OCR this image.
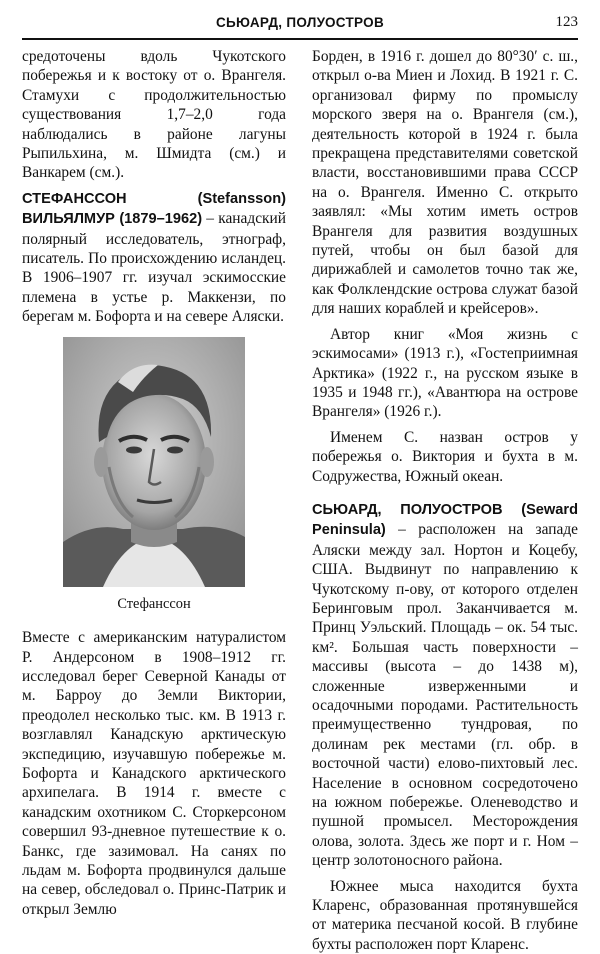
СЬЮАРД, ПОЛУОСТРОВ	123

средоточены вдоль Чукотского побережья и к востоку от о. Врангеля. Стамухи с продолжительностью существования 1,7–2,0 года наблюдались в районе лагуны Рыпильхина, м. Шмидта (см.) и Ванкарем (см.).

СТЕФАНССОН (Stefansson) ВИЛЬЯЛМУР (1879–1962) – канадский полярный исследователь, этнограф, писатель. По происхождению исландец. В 1906–1907 гг. изучал эскимосские племена в устье р. Маккензи, по берегам м. Бофорта и на севере Аляски.

Стефанссон

Вместе с американским натуралистом Р. Андерсоном в 1908–1912 гг. исследовал берег Северной Канады от м. Барроу до Земли Виктории, преодолел несколько тыс. км. В 1913 г. возглавлял Канадскую арктическую экспедицию, изучавшую побережье м. Бофорта и Канадского арктического архипелага. В 1914 г. вместе с канадским охотником С. Сторкерсоном совершил 93-дневное путешествие к о. Банкс, где зазимовал. На санях по льдам м. Бофорта продвинулся дальше на север, обследовал о. Принс-Патрик и открыл Землю

Борден, в 1916 г. дошел до 80°30′ с. ш., открыл о-ва Миен и Лохид. В 1921 г. С. организовал фирму по промыслу морского зверя на о. Врангеля (см.), деятельность которой в 1924 г. была прекращена представителями советской власти, восстановившими права СССР на о. Врангеля. Именно С. открыто заявлял: «Мы хотим иметь остров Врангеля для развития воздушных путей, чтобы он был базой для дирижаблей и самолетов точно так же, как Фолклендские острова служат базой для наших кораблей и крейсеров».

Автор книг «Моя жизнь с эскимосами» (1913 г.), «Гостеприимная Арктика» (1922 г., на русском языке в 1935 и 1948 гг.), «Авантюра на острове Врангеля» (1926 г.).

Именем С. назван остров у побережья о. Виктория и бухта в м. Содружества, Южный океан.

СЬЮАРД, ПОЛУОСТРОВ (Seward Peninsula) – расположен на западе Аляски между зал. Нортон и Коцебу, США. Выдвинут по направлению к Чукотскому п-ову, от которого отделен Беринговым прол. Заканчивается м. Принц Уэльский. Площадь – ок. 54 тыс. км². Большая часть поверхности – массивы (высота – до 1438 м), сложенные изверженными и осадочными породами. Растительность преимущественно тундровая, по долинам рек местами (гл. обр. в восточной части) елово-пихтовый лес. Население в основном сосредоточено на южном побережье. Оленеводство и пушной промысел. Месторождения олова, золота. Здесь же порт и г. Ном – центр золотоносного района.

Южнее мыса находится бухта Кларенс, образованная протянувшейся от материка песчаной косой. В глубине бухты расположен порт Кларенс.
